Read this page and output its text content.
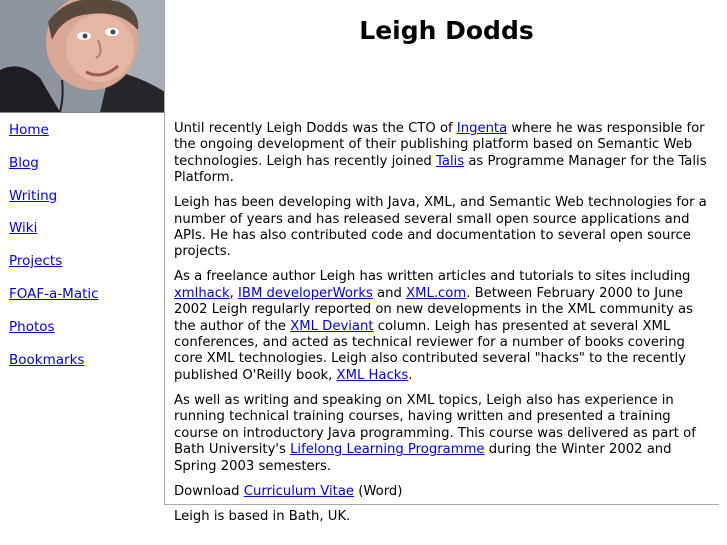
Leigh Dodds
Home
Blog
Writing
Wiki
Projects
FOAF-a-Matic
Photos
Bookmarks

Until recently Leigh Dodds was the CTO of Ingenta where he was responsible for the ongoing development of their publishing platform based on Semantic Web technologies. Leigh has recently joined Talis as Programme Manager for the Talis Platform.

Leigh has been developing with Java, XML, and Semantic Web technologies for a number of years and has released several small open source applications and APIs. He has also contributed code and documentation to several open source projects.

As a freelance author Leigh has written articles and tutorials to sites including xmlhack, IBM developerWorks and XML.com. Between February 2000 to June 2002 Leigh regularly reported on new developments in the XML community as the author of the XML Deviant column. Leigh has presented at several XML conferences, and acted as technical reviewer for a number of books covering core XML technologies. Leigh also contributed several "hacks" to the recently published O'Reilly book, XML Hacks.

As well as writing and speaking on XML topics, Leigh also has experience in running technical training courses, having written and presented a training course on introductory Java programming. This course was delivered as part of Bath University's Lifelong Learning Programme during the Winter 2002 and Spring 2003 semesters.

Download Curriculum Vitae (Word)

Leigh is based in Bath, UK.
